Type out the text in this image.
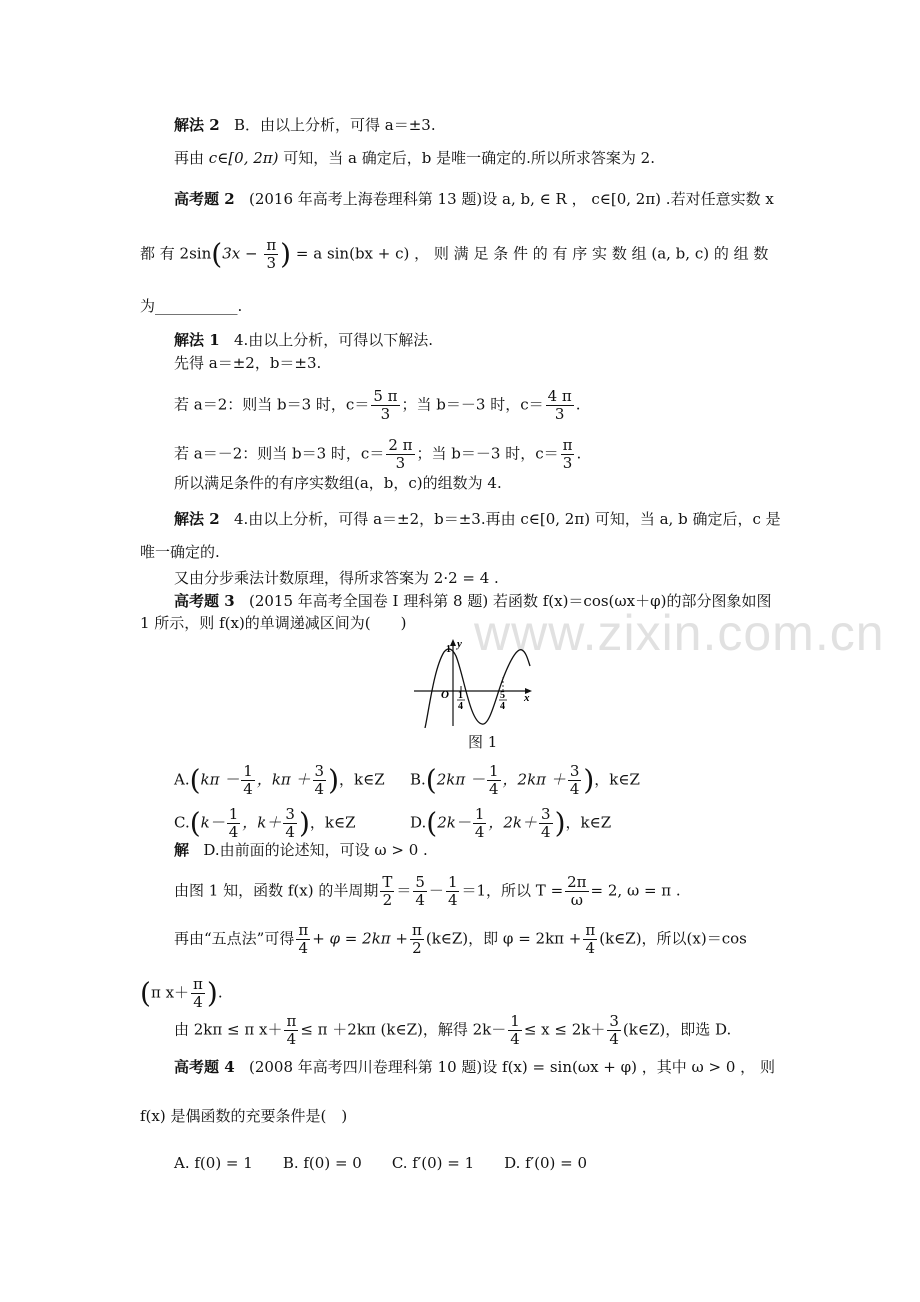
解法 2 B．由以上分析，可得 a＝±3.
再由 c∈[0, 2π) 可知，当 a 确定后，b 是唯一确定的.所以所求答案为 2.
高考题 2 (2016 年高考上海卷理科第 13 题)设 a, b, ∈ R ， c∈[0, 2π) .若对任意实数 x
都 有 $2\sin(3x - \frac{\pi}{3}$ ) = a sin(bx + c) ， 则 满 足 条 件 的 有 序 实 数 组 (a, b, c) 的 组 数
为___________.
解法 1 4.由以上分析，可得以下解法.
先得 a＝±2，b＝±3.
若 a＝2：则当 b＝3 时，$c= \frac{5 \pi}{3}$ ；当 b＝－3 时，$c= \frac{4 \pi}{3}$ .
若 a＝－2：则当 b＝3 时，$c= \frac{2 \pi}{3}$ ；当 b＝－3 时，$c= \frac{\pi}{3}$ .
所以满足条件的有序实数组(a，b，c)的组数为 4.
解法 2 4.由以上分析，可得 a＝±2，b＝±3.再由 c∈[0, 2π) 可知，当 a, b 确定后，c 是
唯一确定的.
又由分步乘法计数原理，得所求答案为 2·2 = 4 .
高考题 3 (2015 年高考全国卷 I 理科第 8 题) 若函数 f(x)＝cos(ωx＋φ)的部分图象如图
1 所示，则 f(x)的单调递减区间为(　　) www.zixin.com.cn
y
1
O 1
4
5
4
x
图 1
$A.(k\pi - \frac{1}{4}$ ，$k\pi + \frac{3}{4}$ )，k∈Z $B.(2k\pi - \frac{1}{4}$ ，$2k\pi + \frac{3}{4}$ )，k∈Z
$C.(k- \frac{1}{4}$ ，$k+ \frac{3}{4}$ )，k∈Z	$D.(2k- \frac{1}{4}$ ，$2k+ \frac{3}{4}$ )，k∈Z
解 D.由前面的论述知，可设 ω > 0 .
由图 1 知，函数 f(x) 的半周期 $\frac{T}{2} = \frac{5}{4} - \frac{1}{4} =1$，所以 $T = \frac{2\pi}{\omega} = 2$, ω = π .
再由“五点法”可得 $\frac{\pi}{4} + \varphi = 2k\pi + \frac{\pi}{2}$ (k∈Z)，即 $\varphi = 2k\pi + \frac{\pi}{4}$ (k∈Z)，所以(x)＝cos
(π $x+ \frac{\pi}{4}$ ).
由 2kπ ≤ π $x+ \frac{\pi}{4} \le \pi +2k\pi$ (k∈Z)，解得 $2k- \frac{1}{4} \le x \le 2k+ \frac{3}{4}$ (k∈Z)，即选 D.
高考题 4 (2008 年高考四川卷理科第 10 题)设 f(x) = sin(ωx + φ) ，其中 ω > 0 ， 则
f(x) 是偶函数的充要条件是(　)
A. f(0) = 1　　B. f(0) = 0　　C. f′(0) = 1　　D. f′(0) = 0
